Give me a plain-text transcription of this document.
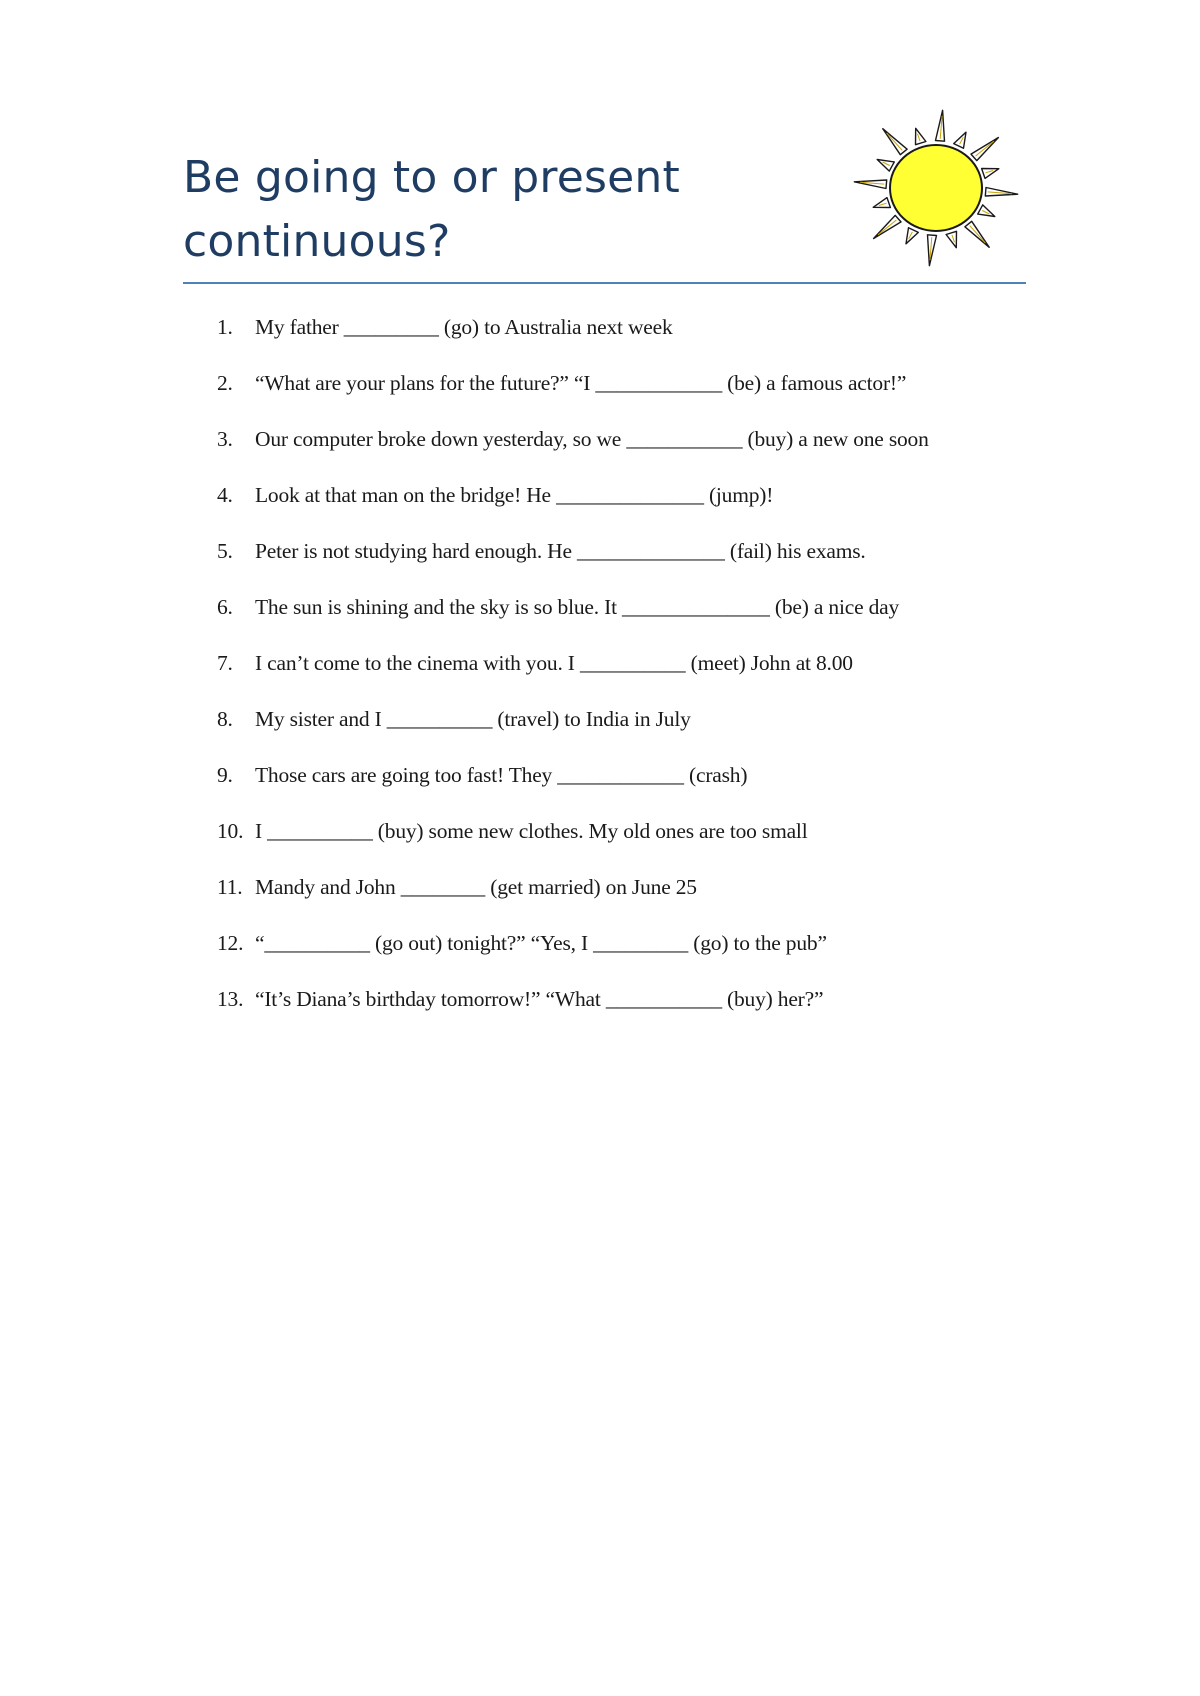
Be going to or present
continuous?
1.	My father _________ (go) to Australia next week
2.	“What are your plans for the future?” “I ____________ (be) a famous actor!”
3.	Our computer broke down yesterday, so we ___________ (buy) a new one soon
4.	Look at that man on the bridge! He ______________ (jump)!
5.	Peter is not studying hard enough. He ______________ (fail) his exams.
6.	The sun is shining and the sky is so blue. It ______________ (be) a nice day
7.	I can’t come to the cinema with you. I __________ (meet) John at 8.00
8.	My sister and I __________ (travel) to India in July
9.	Those cars are going too fast! They ____________ (crash)
10. I __________ (buy) some new clothes. My old ones are too small
11. Mandy and John ________ (get married) on June 25
12. “__________ (go out) tonight?” “Yes, I _________ (go) to the pub”
13. “It’s Diana’s birthday tomorrow!” “What ___________ (buy) her?”
